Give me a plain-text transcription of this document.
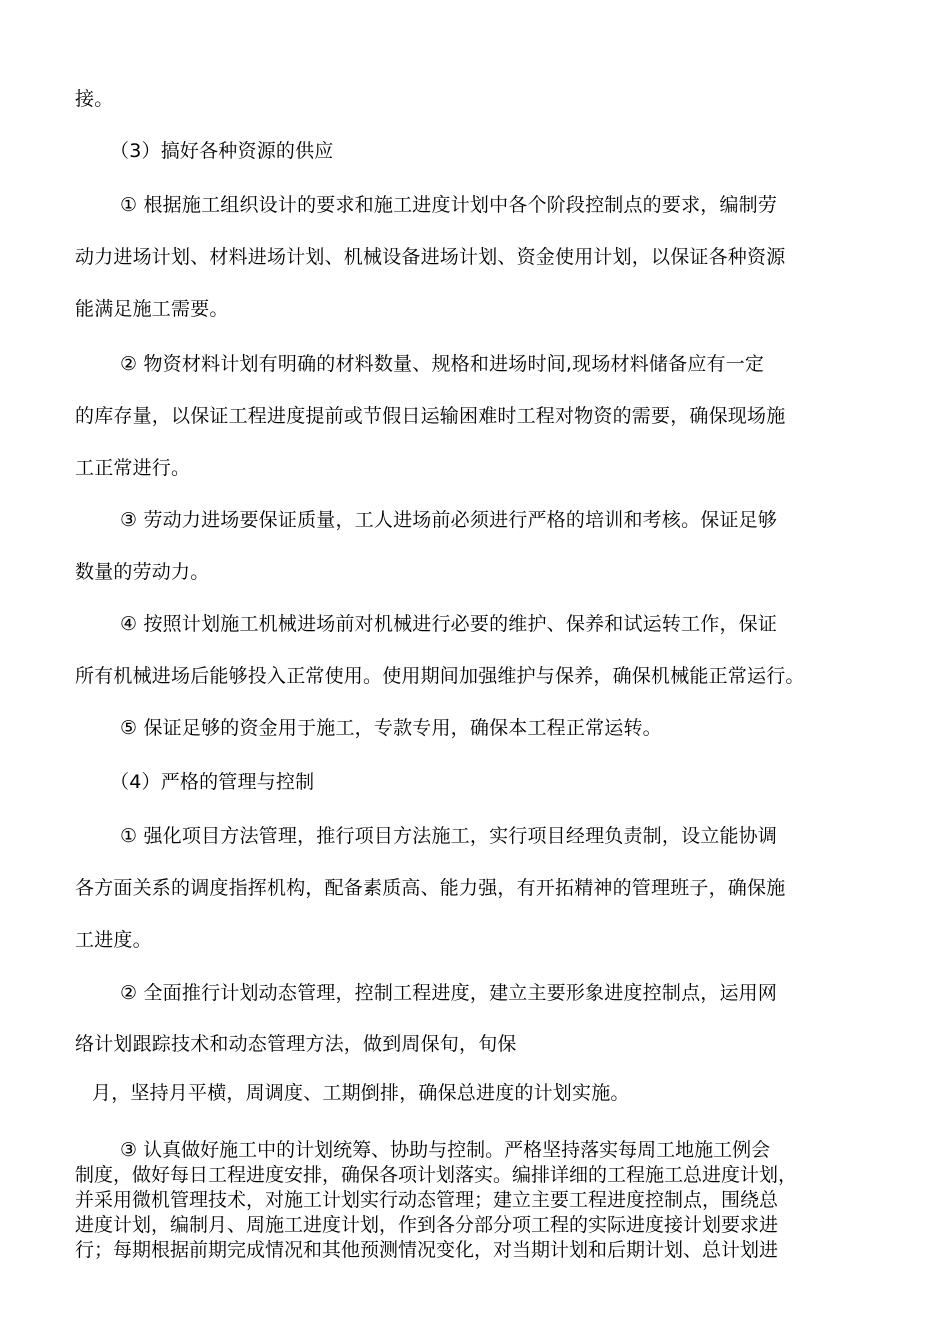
接。
（3）搞好各种资源的供应
① 根据施工组织设计的要求和施工进度计划中各个阶段控制点的要求，编制劳
动力进场计划、材料进场计划、机械设备进场计划、资金使用计划，以保证各种资源
能满足施工需要。
② 物资材料计划有明确的材料数量、规格和进场时间,现场材料储备应有一定
的库存量，以保证工程进度提前或节假日运输困难时工程对物资的需要，确保现场施
工正常进行。
③ 劳动力进场要保证质量，工人进场前必须进行严格的培训和考核。保证足够
数量的劳动力。
④ 按照计划施工机械进场前对机械进行必要的维护、保养和试运转工作，保证
所有机械进场后能够投入正常使用。使用期间加强维护与保养，确保机械能正常运行。
⑤ 保证足够的资金用于施工，专款专用，确保本工程正常运转。
（4）严格的管理与控制
① 强化项目方法管理，推行项目方法施工，实行项目经理负责制，设立能协调
各方面关系的调度指挥机构，配备素质高、能力强，有开拓精神的管理班子，确保施
工进度。
② 全面推行计划动态管理，控制工程进度，建立主要形象进度控制点，运用网
络计划跟踪技术和动态管理方法，做到周保旬，旬保
月，坚持月平横，周调度、工期倒排，确保总进度的计划实施。
③ 认真做好施工中的计划统筹、协助与控制。严格坚持落实每周工地施工例会
制度，做好每日工程进度安排，确保各项计划落实。编排详细的工程施工总进度计划，
并采用微机管理技术，对施工计划实行动态管理；建立主要工程进度控制点，围绕总
进度计划，编制月、周施工进度计划，作到各分部分项工程的实际进度接计划要求进
行；每期根据前期完成情况和其他预测情况变化，对当期计划和后期计划、总计划进
